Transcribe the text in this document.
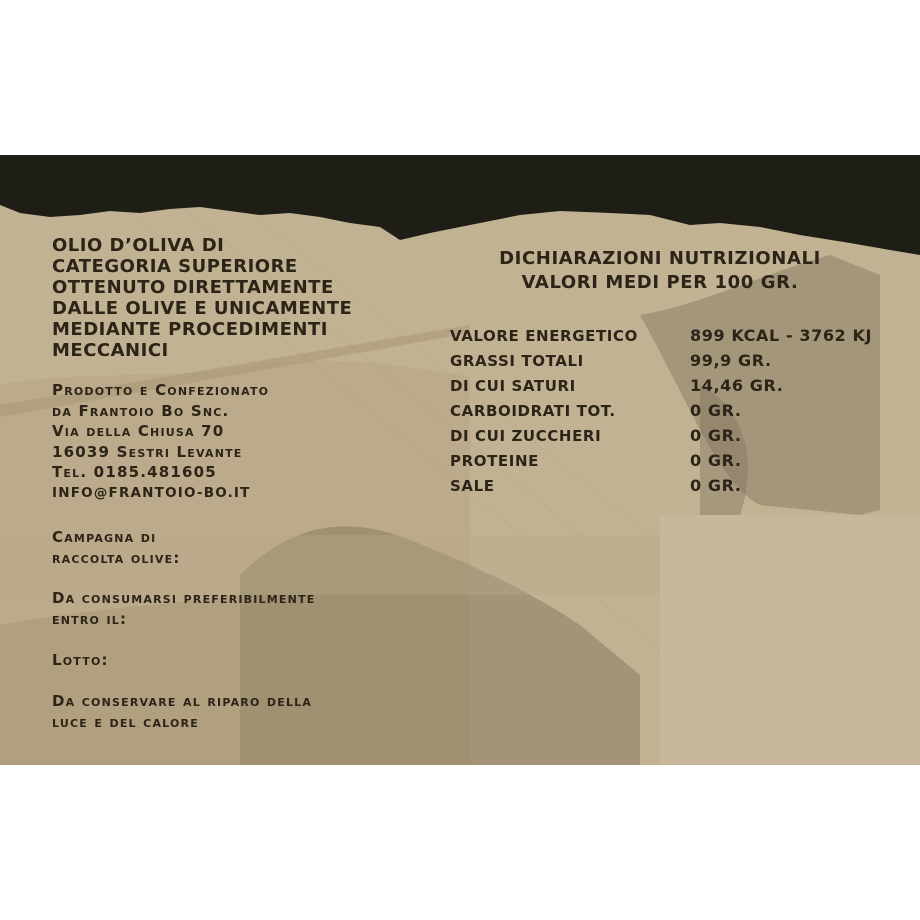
OLIO D’OLIVA DI
CATEGORIA SUPERIORE
OTTENUTO DIRETTAMENTE
DALLE OLIVE E UNICAMENTE
MEDIANTE PROCEDIMENTI
MECCANICI
Prodotto e Confezionato
da Frantoio Bo Snc.
Via della Chiusa 70
16039 Sestri Levante
Tel. 0185.481605
INFO@FRANTOIO-BO.IT
Campagna di
raccolta olive:
Da consumarsi preferibilmente
entro il:
Lotto:
Da conservare al riparo della
luce e del calore
DICHIARAZIONI NUTRIZIONALI
VALORI MEDI PER 100 GR.
VALORE ENERGETICO	899 KCAL - 3762 KJ
GRASSI TOTALI	99,9 GR.
DI CUI SATURI	14,46 GR.
CARBOIDRATI TOT.	0 GR.
DI CUI ZUCCHERI	0 GR.
PROTEINE	0 GR.
SALE	0 GR.
